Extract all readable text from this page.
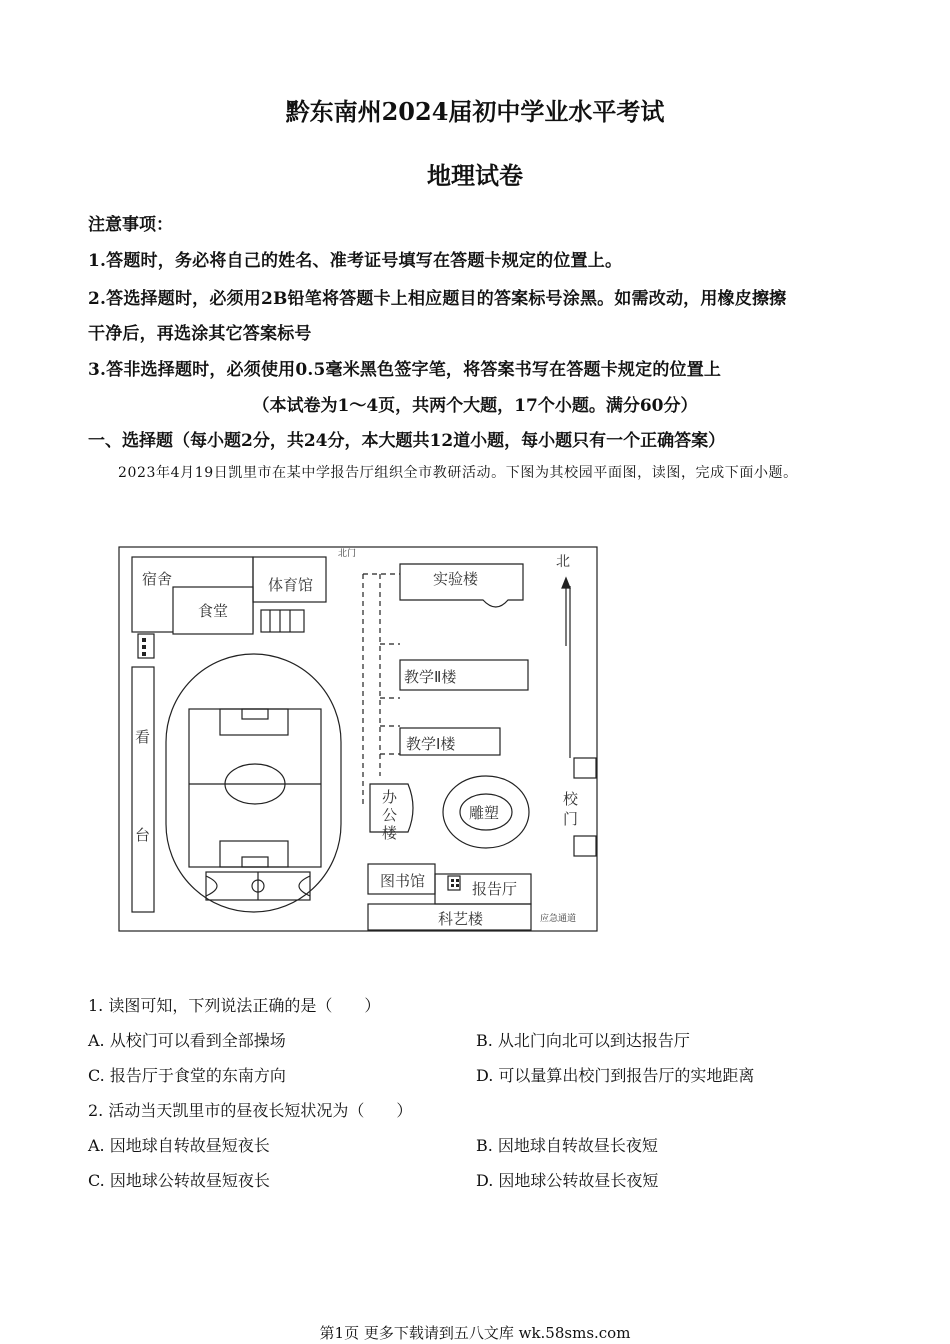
黔东南州2024届初中学业水平考试
地理试卷
注意事项：
1.答题时，务必将自己的姓名、准考证号填写在答题卡规定的位置上。
2.答选择题时，必须用2B铅笔将答题卡上相应题目的答案标号涂黑。如需改动，用橡皮擦擦
干净后，再选涂其它答案标号
3.答非选择题时，必须使用0.5毫米黑色签字笔，将答案书写在答题卡规定的位置上
（本试卷为1～4页，共两个大题，17个小题。满分60分）
一、选择题（每小题2分，共24分，本大题共12道小题，每小题只有一个正确答案）
2023年4月19日凯里市在某中学报告厅组织全市教研活动。下图为其校园平面图，读图，完成下面小题。
北门	北
宿舍	体育馆
食堂
实验楼
教学Ⅱ楼
教学Ⅰ楼
看
台
办
公
楼
雕塑
校
门
图书馆	报告厅
科艺楼	应急通道
1. 读图可知，下列说法正确的是（　　）
A. 从校门可以看到全部操场	B. 从北门向北可以到达报告厅
C. 报告厅于食堂的东南方向	D. 可以量算出校门到报告厅的实地距离
2. 活动当天凯里市的昼夜长短状况为（　　）
A. 因地球自转故昼短夜长	B. 因地球自转故昼长夜短
C. 因地球公转故昼短夜长	D. 因地球公转故昼长夜短
第1页 更多下载请到五八文库 wk.58sms.com
